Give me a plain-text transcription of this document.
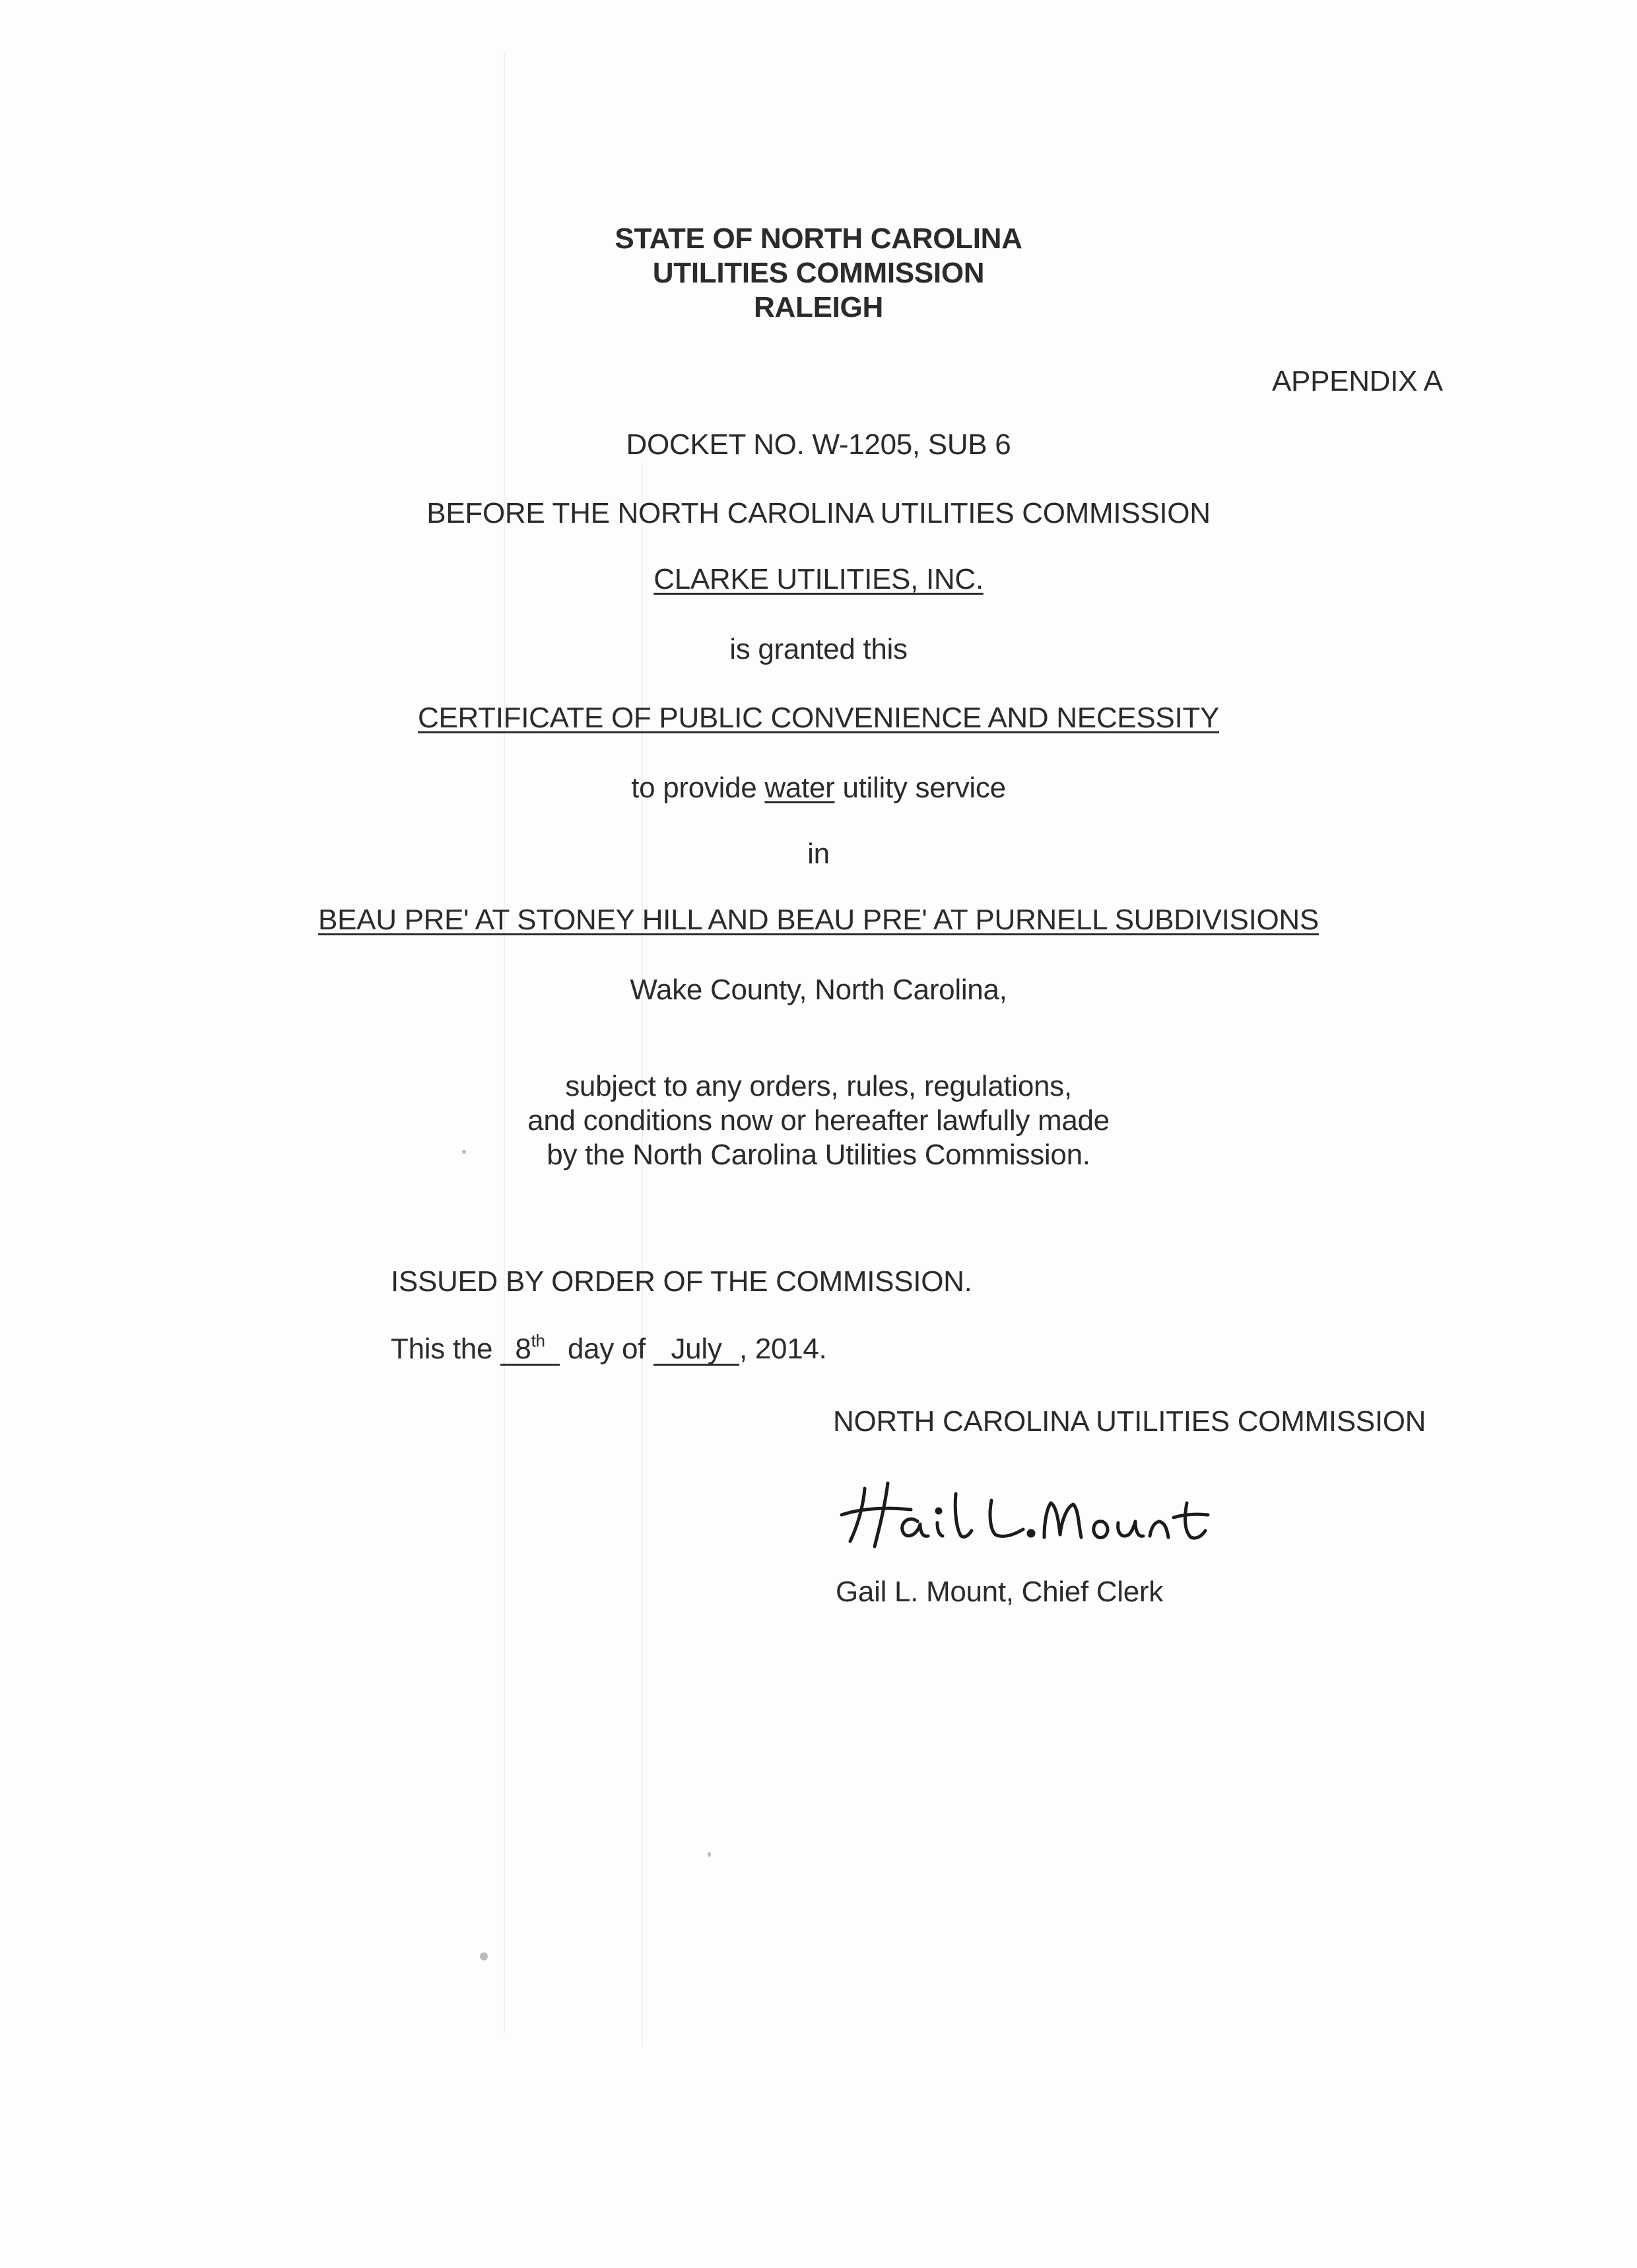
STATE OF NORTH CAROLINA
UTILITIES COMMISSION
RALEIGH
APPENDIX A
DOCKET NO. W-1205, SUB 6
BEFORE THE NORTH CAROLINA UTILITIES COMMISSION
CLARKE UTILITIES, INC.
is granted this
CERTIFICATE OF PUBLIC CONVENIENCE AND NECESSITY
to provide water utility service
in
BEAU PRE' AT STONEY HILL AND BEAU PRE' AT PURNELL SUBDIVISIONS
Wake County, North Carolina,
subject to any orders, rules, regulations,
and conditions now or hereafter lawfully made
by the North Carolina Utilities Commission.
ISSUED BY ORDER OF THE COMMISSION.
This the 8th day of July , 2014.
NORTH CAROLINA UTILITIES COMMISSION
Gail L. Mount, Chief Clerk
